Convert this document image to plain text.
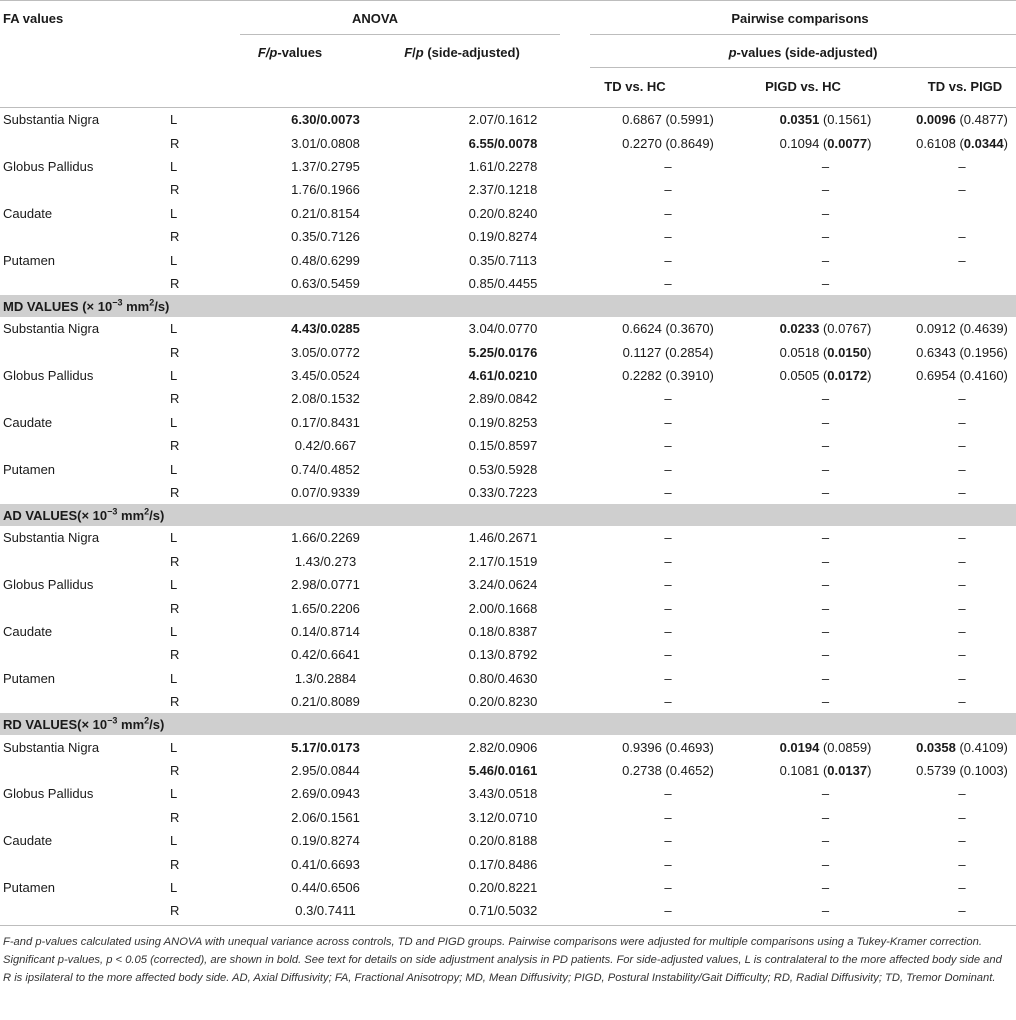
FA values	ANOVA	Pairwise comparisons
F/p-values	F/p (side-adjusted)	p-values (side-adjusted)
TD vs. HC	PIGD vs. HC	TD vs. PIGD
Substantia Nigra	L	6.30/0.0073	2.07/0.1612	0.6867 (0.5991)	0.0351 (0.1561)	0.0096 (0.4877)
	R	3.01/0.0808	6.55/0.0078	0.2270 (0.8649)	0.1094 (0.0077)	0.6108 (0.0344)
Globus Pallidus	L	1.37/0.2795	1.61/0.2278	–	–	–
	R	1.76/0.1966	2.37/0.1218	–	–	–
Caudate	L	0.21/0.8154	0.20/0.8240	–	–	
	R	0.35/0.7126	0.19/0.8274	–	–	–
Putamen	L	0.48/0.6299	0.35/0.7113	–	–	–
	R	0.63/0.5459	0.85/0.4455	–	–	
MD VALUES (× $10^{-3}$ $mm^2/s$)						
Substantia Nigra	L	4.43/0.0285	3.04/0.0770	0.6624 (0.3670)	0.0233 (0.0767)	0.0912 (0.4639)
	R	3.05/0.0772	5.25/0.0176	0.1127 (0.2854)	0.0518 (0.0150)	0.6343 (0.1956)
Globus Pallidus	L	3.45/0.0524	4.61/0.0210	0.2282 (0.3910)	0.0505 (0.0172)	0.6954 (0.4160)
	R	2.08/0.1532	2.89/0.0842	–	–	–
Caudate	L	0.17/0.8431	0.19/0.8253	–	–	–
	R	0.42/0.667	0.15/0.8597	–	–	–
Putamen	L	0.74/0.4852	0.53/0.5928	–	–	–
	R	0.07/0.9339	0.33/0.7223	–	–	–
AD VALUES(× $10^{-3}$ $mm^2/s$)						
Substantia Nigra	L	1.66/0.2269	1.46/0.2671	–	–	–
	R	1.43/0.273	2.17/0.1519	–	–	–
Globus Pallidus	L	2.98/0.0771	3.24/0.0624	–	–	–
	R	1.65/0.2206	2.00/0.1668	–	–	–
Caudate	L	0.14/0.8714	0.18/0.8387	–	–	–
	R	0.42/0.6641	0.13/0.8792	–	–	–
Putamen	L	1.3/0.2884	0.80/0.4630	–	–	–
	R	0.21/0.8089	0.20/0.8230	–	–	–
RD VALUES(× $10^{-3}$ $mm^2/s$)						
Substantia Nigra	L	5.17/0.0173	2.82/0.0906	0.9396 (0.4693)	0.0194 (0.0859)	0.0358 (0.4109)
	R	2.95/0.0844	5.46/0.0161	0.2738 (0.4652)	0.1081 (0.0137)	0.5739 (0.1003)
Globus Pallidus	L	2.69/0.0943	3.43/0.0518	–	–	–
	R	2.06/0.1561	3.12/0.0710	–	–	–
Caudate	L	0.19/0.8274	0.20/0.8188	–	–	–
	R	0.41/0.6693	0.17/0.8486	–	–	–
Putamen	L	0.44/0.6506	0.20/0.8221	–	–	–
	R	0.3/0.7411	0.71/0.5032	–	–	–
F-and p-values calculated using ANOVA with unequal variance across controls, TD and PIGD groups. Pairwise comparisons were adjusted for multiple comparisons using a Tukey-Kramer correction. Significant p-values, p < 0.05 (corrected), are shown in bold. See text for details on side adjustment analysis in PD patients. For side-adjusted values, L is contralateral to the more affected body side and R is ipsilateral to the more affected body side. AD, Axial Diffusivity; FA, Fractional Anisotropy; MD, Mean Diffusivity; PIGD, Postural Instability/Gait Difficulty; RD, Radial Diffusivity; TD, Tremor Dominant.
